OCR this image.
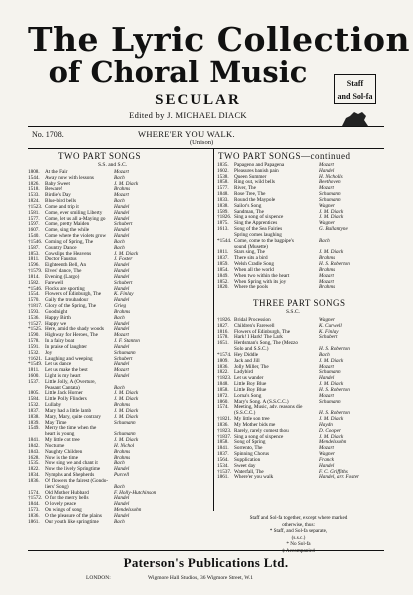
The Lyric Collection
of Choral Music	Staff
and Sol-fa
SECULAR
Edited by J. MICHAEL DIACK
No. 1708.	WHERE'ER YOU WALK.
(Unison)
TWO PART SONGS
S.S. and S.C.
1808. At the Fair	Mozart
1544. Away now with lessons	Bach
1826. Baby Sweet	J. M. Diack
1518. Beware!	Brahms
1533. Birdie's Day	Mozart
1824. Blue-bird bells	Bach
†1523. Come and trip it	Handel
1581. Come, ever smiling Liberty Handel
1577. Come, let us all a-Maying go Handel
1597. Come, pretty Maiden	Schubert
1607. Come, sing the while	Handel
1540. Come where the violets grow Handel
†1546. Coming of Spring, The	Bach
1587. Country Dance	Bach
1853. Cowslips the Heavens	J. M. Diack
1811. Doctor Faustus	J. Foster
1596. Eighteenth Bell, An	Handel
†1579. Elves' dance, The	Handel
1814. Evening (Largo)	Handel
1582. Farewell	Schubert
*1546. Flocks are sporting	Handel
1554. Flowers of Edinburgh, The K. Finlay
1570. Gaily the troubadour	Handel
†1817. Glory of the Spring, The	Grieg
1593. Goodnight	Brahms
1536. Happy Birth	Bach
†1527. Happy we	Handel
*1525. Here, amid the shady woods Handel
1590. Highway for Heroes, The	Mozart
1578. In a fairy boat	J. F. Stanton
1591. In praise of laughter	Handel
1532. Joy	Schumann
†1621. Laughing and weeping	Schubert
*1549. Let us dance	Handel
1811. Let us make the best	Mozart
1600. Light is my heart	Handel
1537. Little Jolly, A (Overture,
Peasant Cantata)	Bach
1805. Little Jack Horner	J. M. Diack
1584. Little Polly Flinders	J. M. Diack
1532. Lullaby	Brahms
1837. Mary had a little lamb	J. M. Diack
1838. Mary, Mary, quite contrary	J. M. Diack
1839. May Time	Schumann
1549. Merry the time when the
heart is young	Schumann
1841. My little cot tree	J. M. Diack
1842. Nocturne	H. Nichol
1843. Naughty Children	Brahms
1628. Now is the time	Brahms
1535. Now sing we and chant it	Bach
1822. Now the lively Springtime	Handel
1834. Nymphs and Shepherds	Purcell
1836. O! flowers the fairest (Gondo-
liers' Song)	Bach
1574. Old Mother Hubbard	F. Holly-Hutchinson
†1572. O for the merry bells	Handel
1844. O lovely peace	Handel
1573. On wings of song	Mendelssohn
1836. O the pleasure of the plains Handel
1861. Our youth like springtime	Bach
TWO PART SONGS—continued
1835. Papageno and Papagena	Mozart
1602. Pleasures banish pain	Handel
1538. Queen Summer	H. Nicholls
1858. Ring out, wild bells	Beethoven
1577. River, The	Mozart
1848. Rose Tree, The	Schumann
1833. Round the Maypole	Schumann
1838. Sailor's Song	Wagner
1589. Sandman, The	J. M. Diack
†1826. Sing a song of sixpence	J. M. Diack
1875. Sing the Apprentices	Wagner
1613. Song of the Sea Fairies	G. Ballantyne
Spring comes laughing
*1544. Come, come to the bagpipe's	Bach
sound (Musette)
1811. Stars sing, The	J. M. Diack
1837. There sits a bird	Brahms
1859. Welsh Cradle Song	H. S. Roberton
1854. When all the world	Brahms
1849. When two within the heart	Mozart
1852. When Spring with its joy	Mozart
1820. Where the pools	Brahms
THREE PART SONGS
S.S.C.
†1826. Bridal Procession	Wagner
1827. Children's Farewell	K. Curwell
1816. Flowers of Edinburgh, The	K. Finlay
1578. Hark! I Hark! The Lark	Schubert
1651. Herdsman's Song, The (Mezzo
Solo and S.S.C.)	H. S. Roberton
*1574. Hey Diddle	Bach
1809. Jack and Jill	J. M. Diack
1836. Jolly Miller, The	Mozart
1822. Ladybird	Schumann
†1823. Let us wander	Handel
1848. Little Boy Blue	J. M. Diack
1858. Little Boy Blue	H. S. Roberton
1872. Lorna's Song	Mozart
1860. Mary's Song. A (S.S.C.C.)	Schumann
1574. Meeting, Music, adv. reasons die
(S.S.C.C.)	H. S. Roberton
†1821. My little son tree	J. M. Diack
1836. My Mother bids me	Haydn
†1823. Rarely, rarely comest thou	D. Cooper
†1837. Sing a song of sixpence	J. M. Diack
1858. Song of Spring	Mendelssohn
1841. Sorrento, The	Mozart
1837. Spinning Chorus	Wagner
1564. Supplication	Franck
1534. Sweet day	Handel
†1537. Waterfall, The	F. C. Griffiths
1861. Where'er you walk	Handel, arr. Foster
Staff and Sol-fa together, except where marked
otherwise, thus:
* Staff, and Sol-fa separate,
(s.s.c.)
* No Sol-fa
‡ Accompanied
Paterson's Publications Ltd.
LONDON:	Wigmore Hall Studios, 36 Wigmore Street, W.1
